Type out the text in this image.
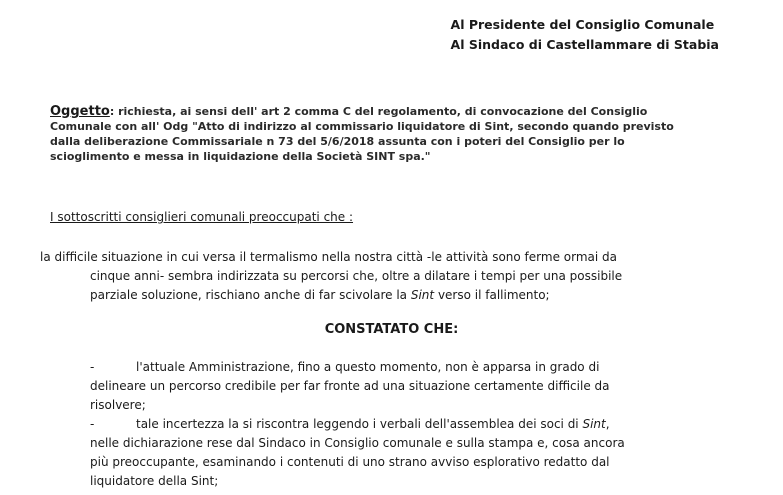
Al Presidente del Consiglio Comunale
Al Sindaco di Castellammare di Stabia
Oggetto: richiesta, ai sensi dell' art 2 comma C del regolamento, di convocazione del Consiglio
Comunale con all' Odg "Atto di indirizzo al commissario liquidatore di Sint, secondo quando previsto
dalla deliberazione Commissariale n 73 del 5/6/2018 assunta con i poteri del Consiglio per lo
scioglimento e messa in liquidazione della Società SINT spa."
I sottoscritti consiglieri comunali preoccupati che :
la difficile situazione in cui versa il termalismo nella nostra città -le attività sono ferme ormai da
cinque anni- sembra indirizzata su percorsi che, oltre a dilatare i tempi per una possibile
parziale soluzione, rischiano anche di far scivolare la Sint verso il fallimento;
CONSTATATO CHE:
-	l'attuale Amministrazione, fino a questo momento, non è apparsa in grado di
delineare un percorso credibile per far fronte ad una situazione certamente difficile da
risolvere;
-	tale incertezza la si riscontra leggendo i verbali dell'assemblea dei soci di Sint,
nelle dichiarazione rese dal Sindaco in Consiglio comunale e sulla stampa e, cosa ancora
più preoccupante, esaminando i contenuti di uno strano avviso esplorativo redatto dal
liquidatore della Sint;
